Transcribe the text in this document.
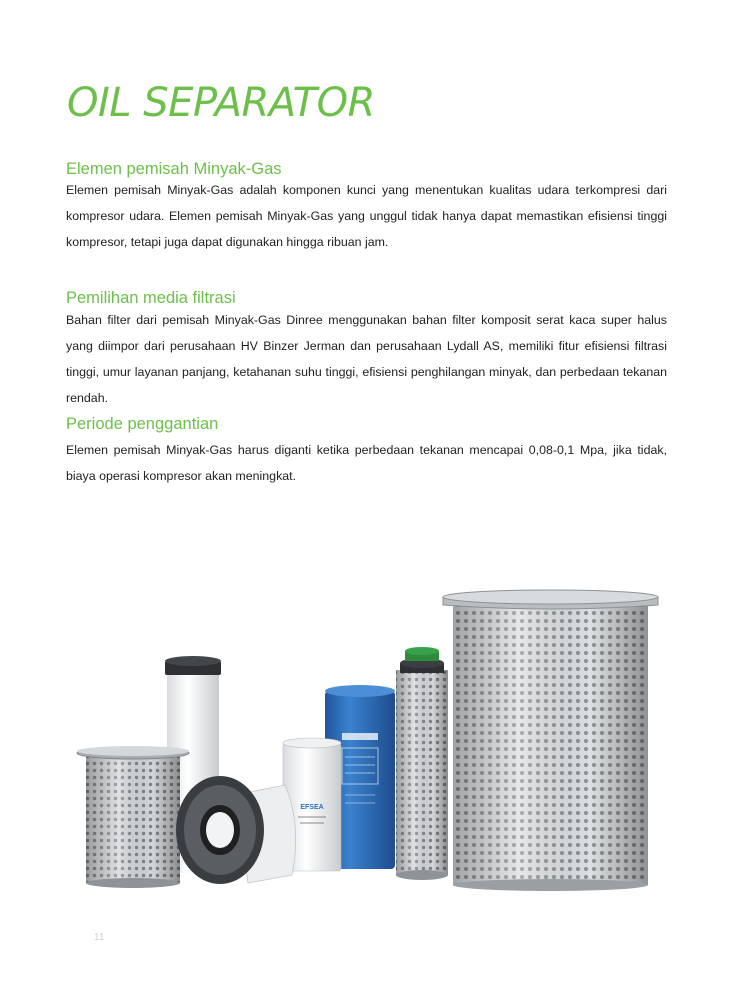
OIL SEPARATOR
Elemen pemisah Minyak-Gas

Elemen pemisah Minyak-Gas adalah komponen kunci yang menentukan kualitas udara terkompresi dari kompresor udara. Elemen pemisah Minyak-Gas yang unggul tidak hanya dapat memastikan efisiensi tinggi kompresor, tetapi juga dapat digunakan hingga ribuan jam.

Pemilihan media filtrasi

Bahan filter dari pemisah Minyak-Gas Dinree menggunakan bahan filter komposit serat kaca super halus yang diimpor dari perusahaan HV Binzer Jerman dan perusahaan Lydall AS, memiliki fitur efisiensi filtrasi tinggi, umur layanan panjang, ketahanan suhu tinggi, efisiensi penghilangan minyak, dan perbedaan tekanan rendah.

Periode penggantian

Elemen pemisah Minyak-Gas harus diganti ketika perbedaan tekanan mencapai 0,08-0,1 Mpa, jika tidak, biaya operasi kompresor akan meningkat.

EFSEA
11
